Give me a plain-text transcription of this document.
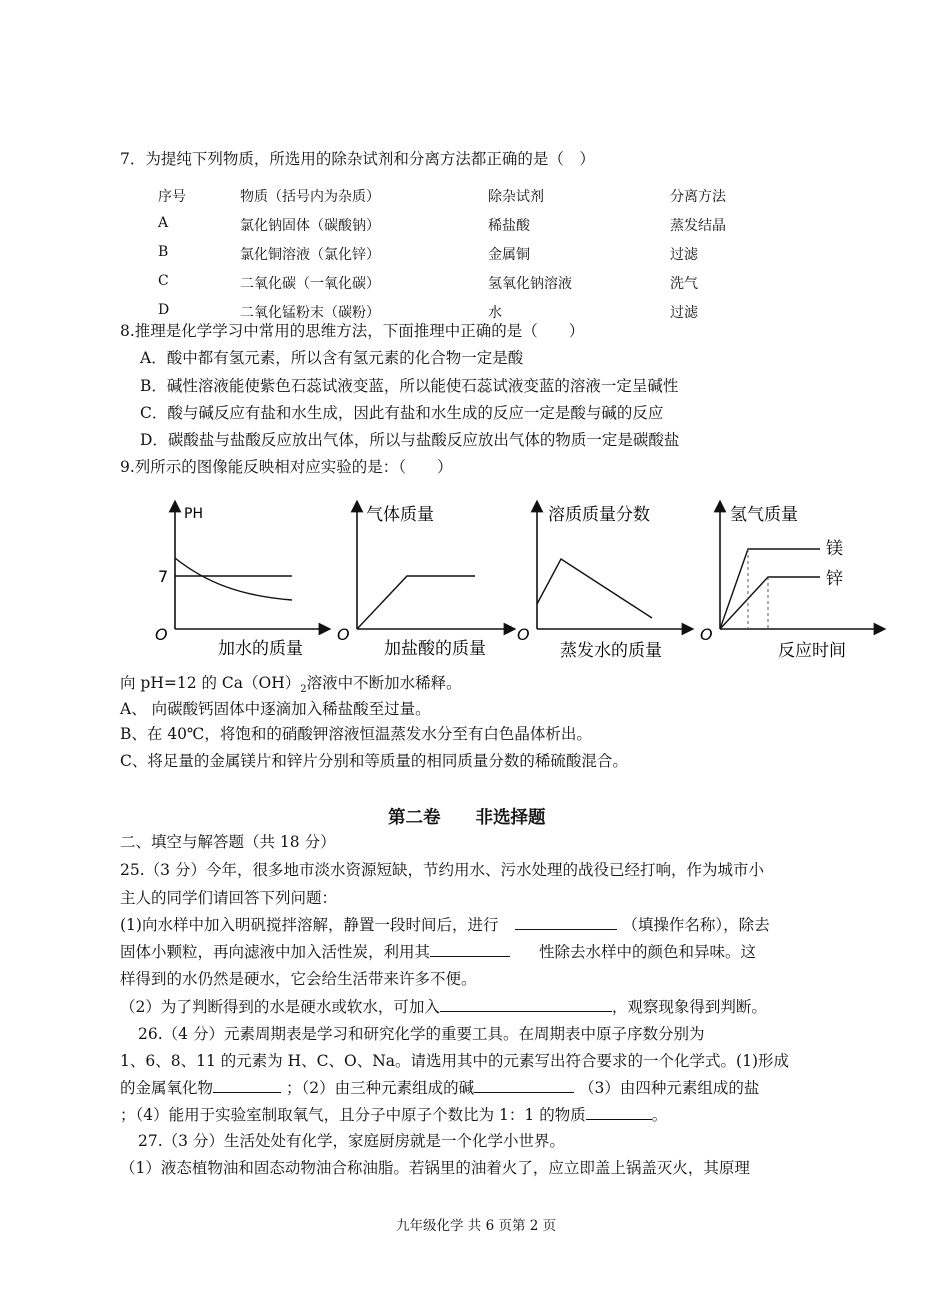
7．为提纯下列物质，所选用的除杂试剂和分离方法都正确的是（　）
序号	物质（括号内为杂质）	除杂试剂	分离方法
A	氯化钠固体（碳酸钠）	稀盐酸	蒸发结晶
B	氯化铜溶液（氯化锌）	金属铜	过滤
C	二氧化碳（一氧化碳）	氢氧化钠溶液	洗气
D	二氧化锰粉末（碳粉）	水	过滤
8.推理是化学学习中常用的思维方法，下面推理中正确的是（　　）
A．酸中都有氢元素，所以含有氢元素的化合物一定是酸
B．碱性溶液能使紫色石蕊试液变蓝，所以能使石蕊试液变蓝的溶液一定呈碱性
C．酸与碱反应有盐和水生成，因此有盐和水生成的反应一定是酸与碱的反应
D．碳酸盐与盐酸反应放出气体，所以与盐酸反应放出气体的物质一定是碳酸盐
9.列所示的图像能反映相对应实验的是：（　　）
PH
7
O
加水的质量
气体质量
O
加盐酸的质量
溶质质量分数
O
蒸发水的质量
氢气质量
镁
锌
O
反应时间
向 pH=12 的 $Ca(OH)_2$溶液中不断加水稀释。
A、 向碳酸钙固体中逐滴加入稀盐酸至过量。
B、在 40℃，将饱和的硝酸钾溶液恒温蒸发水分至有白色晶体析出。
C、将足量的金属镁片和锌片分别和等质量的相同质量分数的稀硫酸混合。
第二卷　　非选择题
二、填空与解答题（共 18 分）
25.（3 分）今年，很多地市淡水资源短缺，节约用水、污水处理的战役已经打响，作为城市小
主人的同学们请回答下列问题：
(1)向水样中加入明矾搅拌溶解，静置一段时间后，进行	（填操作名称），除去
固体小颗粒，再向滤液中加入活性炭，利用其	性除去水样中的颜色和异味。这
样得到的水仍然是硬水，它会给生活带来许多不便。
（2）为了判断得到的水是硬水或软水，可加入	，观察现象得到判断。
26.（4 分）元素周期表是学习和研究化学的重要工具。在周期表中原子序数分别为
1、6、8、11 的元素为 H、C、O、Na。请选用其中的元素写出符合要求的一个化学式。(1)形成
的金属氧化物	；（2）由三种元素组成的碱	（3）由四种元素组成的盐
；（4）能用于实验室制取氧气，且分子中原子个数比为 1：1 的物质	。
27.（3 分）生活处处有化学，家庭厨房就是一个化学小世界。
（1）液态植物油和固态动物油合称油脂。若锅里的油着火了，应立即盖上锅盖灭火，其原理
九年级化学 共 6 页第 2 页
